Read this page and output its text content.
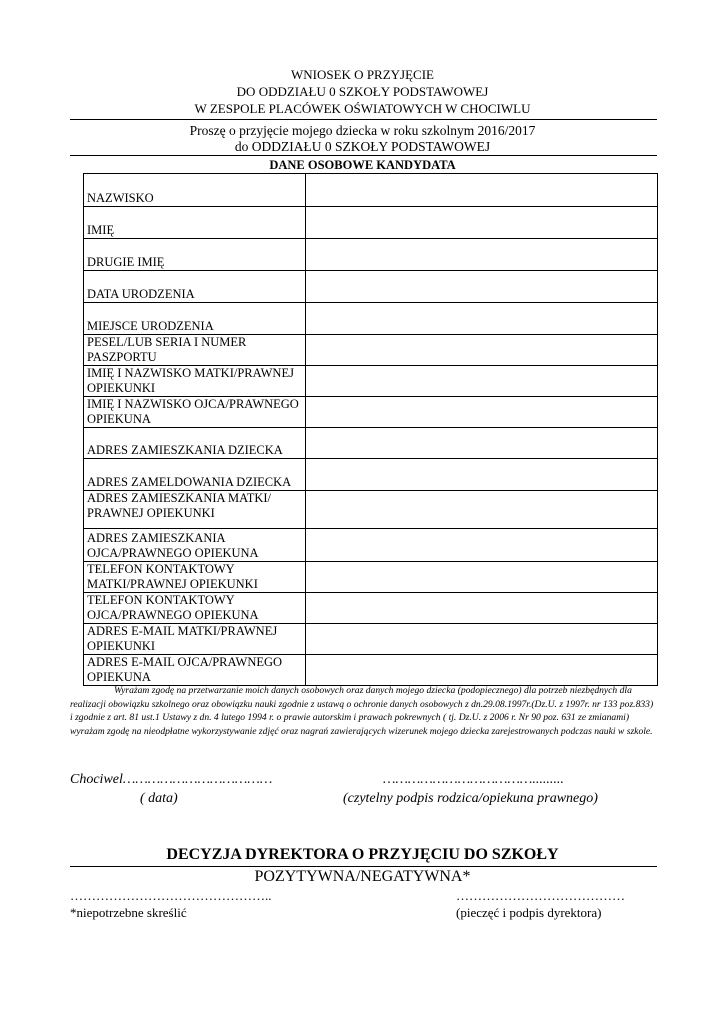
WNIOSEK O PRZYJĘCIE
DO ODDZIAŁU 0 SZKOŁY PODSTAWOWEJ
W ZESPOLE PLACÓWEK OŚWIATOWYCH W CHOCIWLU
Proszę o przyjęcie mojego dziecka w roku szkolnym 2016/2017
do ODDZIAŁU 0 SZKOŁY PODSTAWOWEJ
DANE OSOBOWE KANDYDATA
NAZWISKO	
IMIĘ	
DRUGIE IMIĘ	
DATA URODZENIA	
MIEJSCE URODZENIA	
PESEL/LUB SERIA I NUMER PASZPORTU	
IMIĘ I NAZWISKO MATKI/PRAWNEJ OPIEKUNKI	
IMIĘ I NAZWISKO OJCA/PRAWNEGO OPIEKUNA	
ADRES ZAMIESZKANIA DZIECKA	
ADRES ZAMELDOWANIA DZIECKA	
ADRES ZAMIESZKANIA MATKI/ PRAWNEJ OPIEKUNKI	
ADRES ZAMIESZKANIA OJCA/PRAWNEGO OPIEKUNA	
TELEFON KONTAKTOWY MATKI/PRAWNEJ OPIEKUNKI	
TELEFON KONTAKTOWY OJCA/PRAWNEGO OPIEKUNA	
ADRES E-MAIL MATKI/PRAWNEJ OPIEKUNKI	
ADRES E-MAIL OJCA/PRAWNEGO OPIEKUNA	
Wyrażam zgodę na przetwarzanie moich danych osobowych oraz danych mojego dziecka (podopiecznego) dla potrzeb niezbędnych dla realizacji obowiązku szkolnego oraz obowiązku nauki zgodnie z ustawą o ochronie danych osobowych z dn.29.08.1997r.(Dz.U. z 1997r. nr 133 poz.833) i zgodnie z art. 81 ust.1 Ustawy z dn. 4 lutego 1994 r. o prawie autorskim i prawach pokrewnych ( tj. Dz.U. z 2006 r. Nr 90 poz. 631 ze zmianami) wyrażam zgodę na nieodpłatne wykorzystywanie zdjęć oraz nagrań zawierających wizerunek mojego dziecka zarejestrowanych podczas nauki w szkole.
Chociwel………………………………
( data)
……………………………….........
(czytelny podpis rodzica/opiekuna prawnego)
DECYZJA DYREKTORA O PRZYJĘCIU DO SZKOŁY
POZYTYWNA/NEGATYWNA*
………………………………………..	…………………………………
*niepotrzebne skreślić	(pieczęć i podpis dyrektora)
